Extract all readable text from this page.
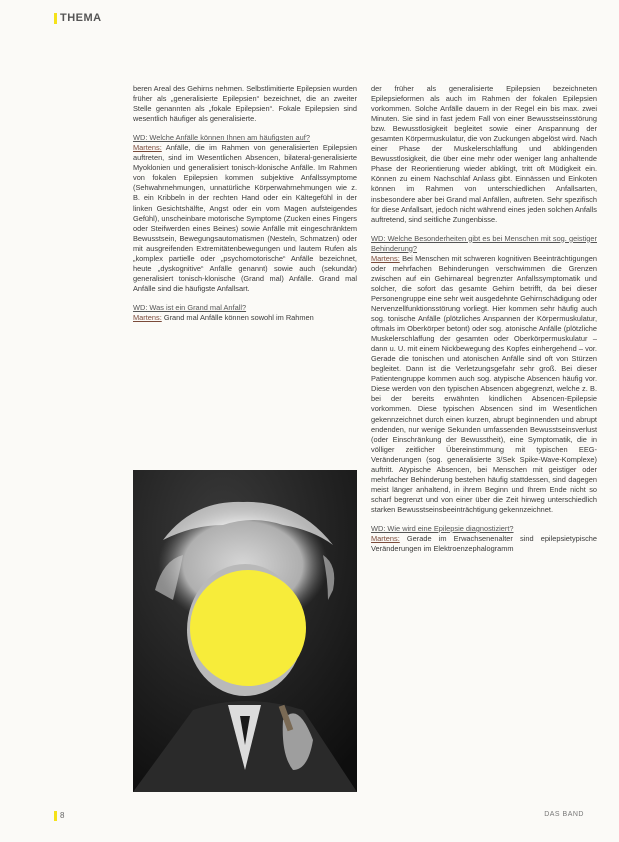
THEMA

beren Areal des Gehirns nehmen. Selbstlimitierte Epilepsien wurden früher als „generalisierte Epilepsien“ bezeichnet, die an zweiter Stelle genannten als „fokale Epilepsien“. Fokale Epilepsien sind wesentlich häufiger als generalisierte.

WD: Welche Anfälle können Ihnen am häufigsten auf?
Martens: Anfälle, die im Rahmen von generalisierten Epilepsien auftreten, sind im Wesentlichen Absencen, bilateral-generalisierte Myoklonien und generalisiert tonisch-klonische Anfälle. Im Rahmen von fokalen Epilepsien kommen subjektive Anfallssymptome (Sehwahrnehmungen, unnatürliche Körperwahrnehmungen wie z. B. ein Kribbeln in der rechten Hand oder ein Kältegefühl in der linken Gesichtshälfte, Angst oder ein vom Magen aufsteigendes Gefühl), unscheinbare motorische Symptome (Zucken eines Fingers oder Steifwerden eines Beines) sowie Anfälle mit eingeschränktem Bewusstsein, Bewegungsautomatismen (Nesteln, Schmatzen) oder mit ausgreifenden Extremitätenbewegungen und lautem Rufen als „komplex partielle oder „psychomotorische“ Anfälle bezeichnet, heute „dyskognitive“ Anfälle genannt) sowie auch (sekundär) generalisiert tonisch-klonische (Grand mal) Anfälle. Grand mal Anfälle sind die häufigste Anfallsart.

WD: Was ist ein Grand mal Anfall?
Martens: Grand mal Anfälle können sowohl im Rahmen

der früher als generalisierte Epilepsien bezeichneten Epilepsieformen als auch im Rahmen der fokalen Epilepsien vorkommen. Solche Anfälle dauern in der Regel ein bis max. zwei Minuten. Sie sind in fast jedem Fall von einer Bewusstseinsstörung bzw. Bewusstlosigkeit begleitet sowie einer Anspannung der gesamten Körpermuskulatur, die von Zuckungen abgelöst wird. Nach einer Phase der Muskelerschlaffung und abklingenden Bewusstlosigkeit, die über eine mehr oder weniger lang anhaltende Phase der Reorientierung wieder abklingt, tritt oft Müdigkeit ein. Können zu einem Nachschlaf Anlass gibt. Einnässen und Einkoten können im Rahmen von unterschiedlichen Anfallsarten, insbesondere aber bei Grand mal Anfällen, auftreten. Sehr spezifisch für diese Anfallsart, jedoch nicht während eines jeden solchen Anfalls auftretend, sind seitliche Zungenbisse.

WD: Welche Besonderheiten gibt es bei Menschen mit sog. geistiger Behinderung?
Martens: Bei Menschen mit schweren kognitiven Beeinträchtigungen oder mehrfachen Behinderungen verschwimmen die Grenzen zwischen auf ein Gehirnareal begrenzter Anfallssymptomatik und solcher, die sofort das gesamte Gehirn betrifft, da bei dieser Personengruppe eine sehr weit ausgedehnte Gehirnschädigung oder Nervenzellfunktionsstörung vorliegt. Hier kommen sehr häufig auch sog. tonische Anfälle (plötzliches Anspannen der Körpermuskulatur, oftmals im Oberkörper betont) oder sog. atonische Anfälle (plötzliche Muskelerschlaffung der gesamten oder Oberkörpermuskulatur – dann u. U. mit einem Nickbewegung des Kopfes einhergehend – vor. Gerade die tonischen und atonischen Anfälle sind oft von Stürzen begleitet. Dann ist die Verletzungsgefahr sehr groß. Bei dieser Patientengruppe kommen auch sog. atypische Absencen häufig vor. Diese werden von den typischen Absencen abgegrenzt, welche z. B. bei der bereits erwähnten kindlichen Absencen-Epilepsie vorkommen. Diese typischen Absencen sind im Wesentlichen gekennzeichnet durch einen kurzen, abrupt beginnenden und abrupt endenden, nur wenige Sekunden umfassenden Bewusstseinsverlust (oder Einschränkung der Bewusstheit), eine Symptomatik, die in völliger zeitlicher Übereinstimmung mit typischen EEG-Veränderungen (sog. generalisierte 3/Sek Spike-Wave-Komplexe) auftritt. Atypische Absencen, bei Menschen mit geistiger oder mehrfacher Behinderung bestehen häufig stattdessen, sind dagegen meist länger anhaltend, in ihrem Beginn und Ihrem Ende nicht so scharf begrenzt und von einer über die Zeit hinweg unterschiedlich starken Bewusstseinsbeeinträchtigung gekennzeichnet.

WD: Wie wird eine Epilepsie diagnostiziert?
Martens: Gerade im Erwachsenenalter sind epilepsietypische Veränderungen im Elektroenzephalogramm

8	DAS BAND
